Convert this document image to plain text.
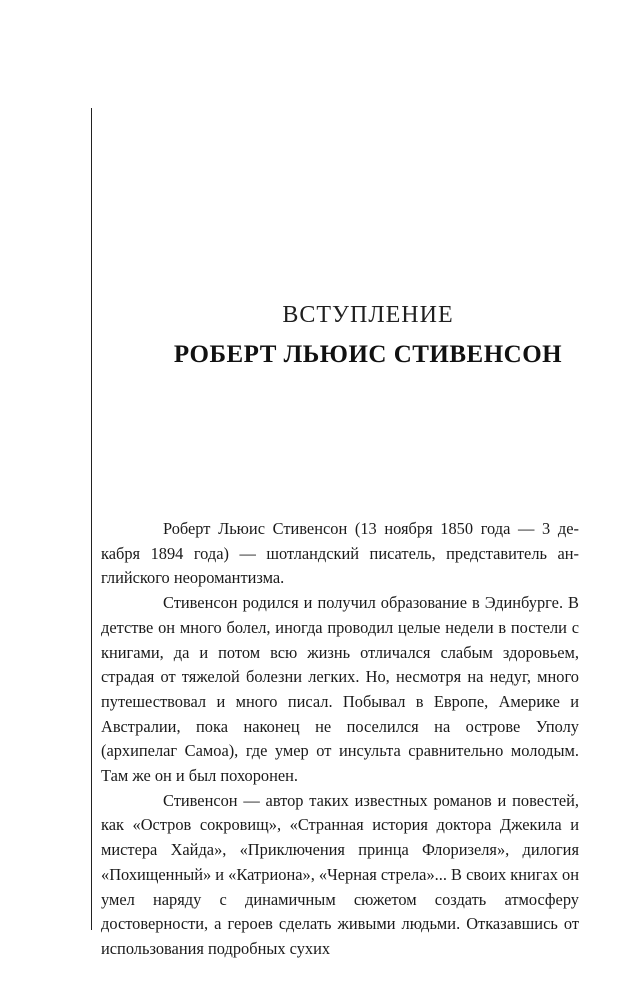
ВСТУПЛЕНИЕ
РОБЕРТ ЛЬЮИС СТИВЕНСОН

Роберт Льюис Стивенсон (13 ноября 1850 года — 3 декабря 1894 года) — шотландский писатель, представитель английского неоромантизма.

Стивенсон родился и получил образование в Эдинбурге. В детстве он много болел, иногда проводил целые недели в постели с книгами, да и потом всю жизнь отличался слабым здоровьем, страдая от тяжелой болезни легких. Но, несмотря на недуг, много путешествовал и много писал. Побывал в Европе, Америке и Австралии, пока наконец не поселился на острове Уполу (архипелаг Самоа), где умер от инсульта сравнительно молодым. Там же он и был похоронен.

Стивенсон — автор таких известных романов и повестей, как «Остров сокровищ», «Странная история доктора Джекила и мистера Хайда», «Приключения принца Флоризеля», дилогия «Похищенный» и «Катриона», «Черная стрела»... В своих книгах он умел наряду с динамичным сюжетом создать атмосферу достоверности, а героев сделать живыми людьми. Отказавшись от использования подробных сухих
